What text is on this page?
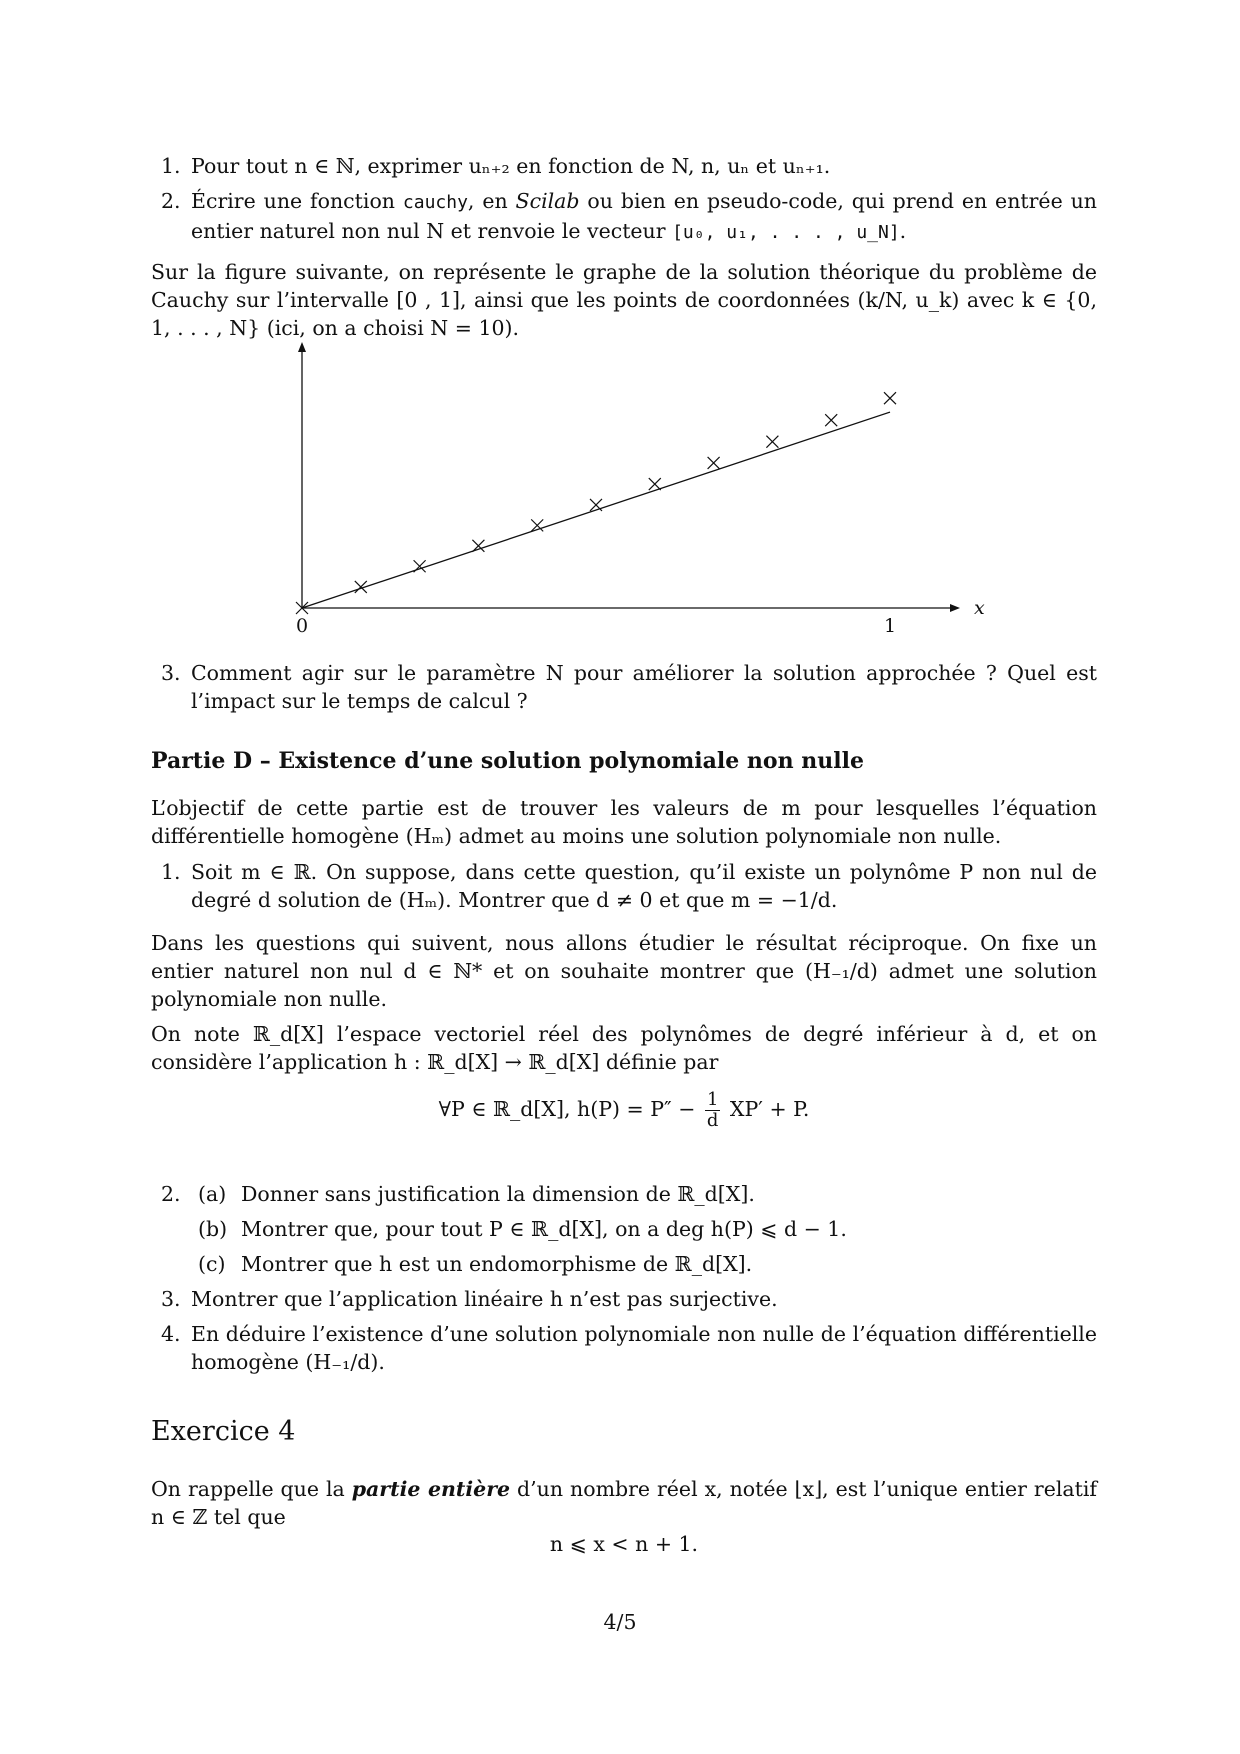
1. Pour tout n ∈ ℕ, exprimer uₙ₊₂ en fonction de N, n, uₙ et uₙ₊₁.
2. Écrire une fonction cauchy, en Scilab ou bien en pseudo-code, qui prend en entrée un entier naturel non nul N et renvoie le vecteur [u₀, u₁, . . . , u_N].
Sur la figure suivante, on représente le graphe de la solution théorique du problème de Cauchy sur l’intervalle [0 , 1], ainsi que les points de coordonnées (k/N, u_k) avec k ∈ {0, 1, . . . , N} (ici, on a choisi N = 10).
x
0	1
3. Comment agir sur le paramètre N pour améliorer la solution approchée ? Quel est l’impact sur le temps de calcul ?
Partie D – Existence d’une solution polynomiale non nulle
L’objectif de cette partie est de trouver les valeurs de m pour lesquelles l’équation différentielle homogène (Hₘ) admet au moins une solution polynomiale non nulle.
1. Soit m ∈ ℝ. On suppose, dans cette question, qu’il existe un polynôme P non nul de degré d solution de (Hₘ). Montrer que d ≠ 0 et que m = −1/d.
Dans les questions qui suivent, nous allons étudier le résultat réciproque. On fixe un entier naturel non nul d ∈ ℕ* et on souhaite montrer que (H₋₁/d) admet une solution polynomiale non nulle.
On note ℝ_d[X] l’espace vectoriel réel des polynômes de degré inférieur à d, et on considère l’application h : ℝ_d[X] → ℝ_d[X] définie par
∀P ∈ ℝ_d[X], $h(P) = P'' - \frac{1}{d} XP' + P$.
2. (a) Donner sans justification la dimension de ℝ_d[X].
(b) Montrer que, pour tout P ∈ ℝ_d[X], on a deg h(P) ⩽ d − 1.
(c) Montrer que h est un endomorphisme de ℝ_d[X].
3. Montrer que l’application linéaire h n’est pas surjective.
4. En déduire l’existence d’une solution polynomiale non nulle de l’équation différentielle homogène (H₋₁/d).
Exercice 4
On rappelle que la partie entière d’un nombre réel x, notée ⌊x⌋, est l’unique entier relatif n ∈ ℤ tel que
n ⩽ x < n + 1.
4/5
